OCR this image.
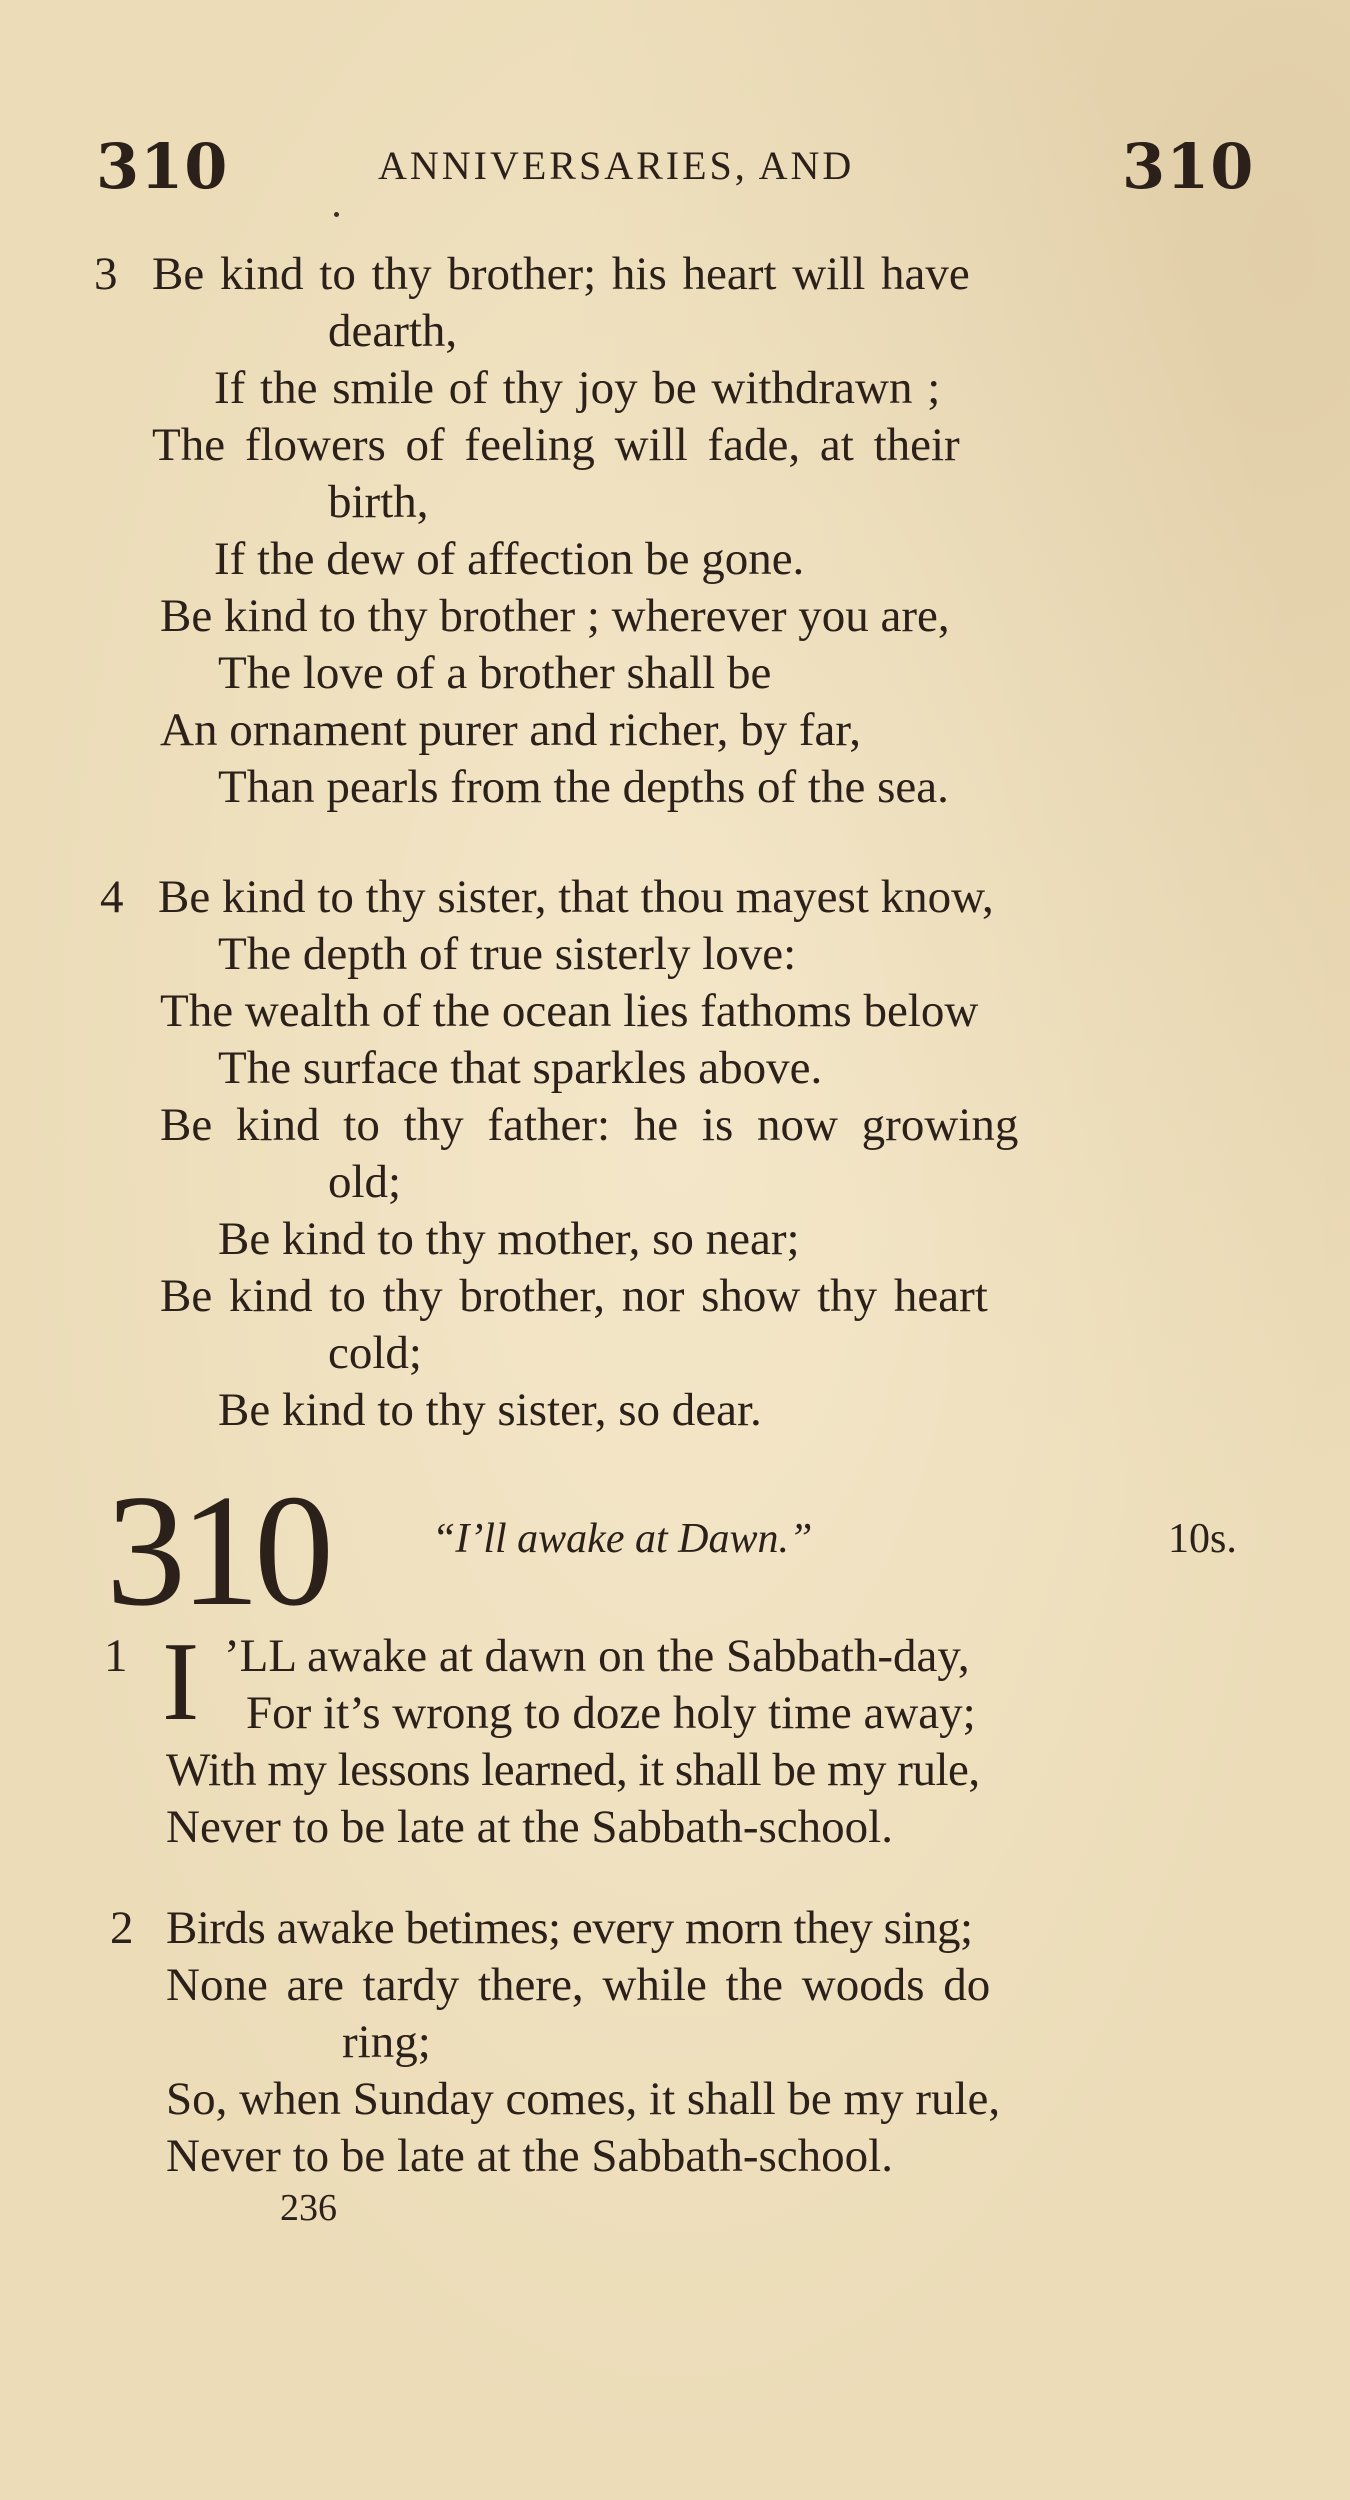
310	ANNIVERSARIES, AND	310
3 Be kind to thy brother; his heart will have
dearth,
If the smile of thy joy be withdrawn ;
The flowers of feeling will fade, at their
birth,
If the dew of affection be gone.
Be kind to thy brother ; wherever you are,
The love of a brother shall be
An ornament purer and richer, by far,
Than pearls from the depths of the sea.
4 Be kind to thy sister, that thou mayest know,
The depth of true sisterly love:
The wealth of the ocean lies fathoms below
The surface that sparkles above.
Be kind to thy father: he is now growing
old;
Be kind to thy mother, so near;
Be kind to thy brother, nor show thy heart
cold;
Be kind to thy sister, so dear.
310 “I’ll awake at Dawn.”	10s.
1 I ’LL awake at dawn on the Sabbath-day,
For it’s wrong to doze holy time away;
With my lessons learned, it shall be my rule,
Never to be late at the Sabbath-school.
2 Birds awake betimes; every morn they sing;
None are tardy there, while the woods do
ring;
So, when Sunday comes, it shall be my rule,
Never to be late at the Sabbath-school.
236
